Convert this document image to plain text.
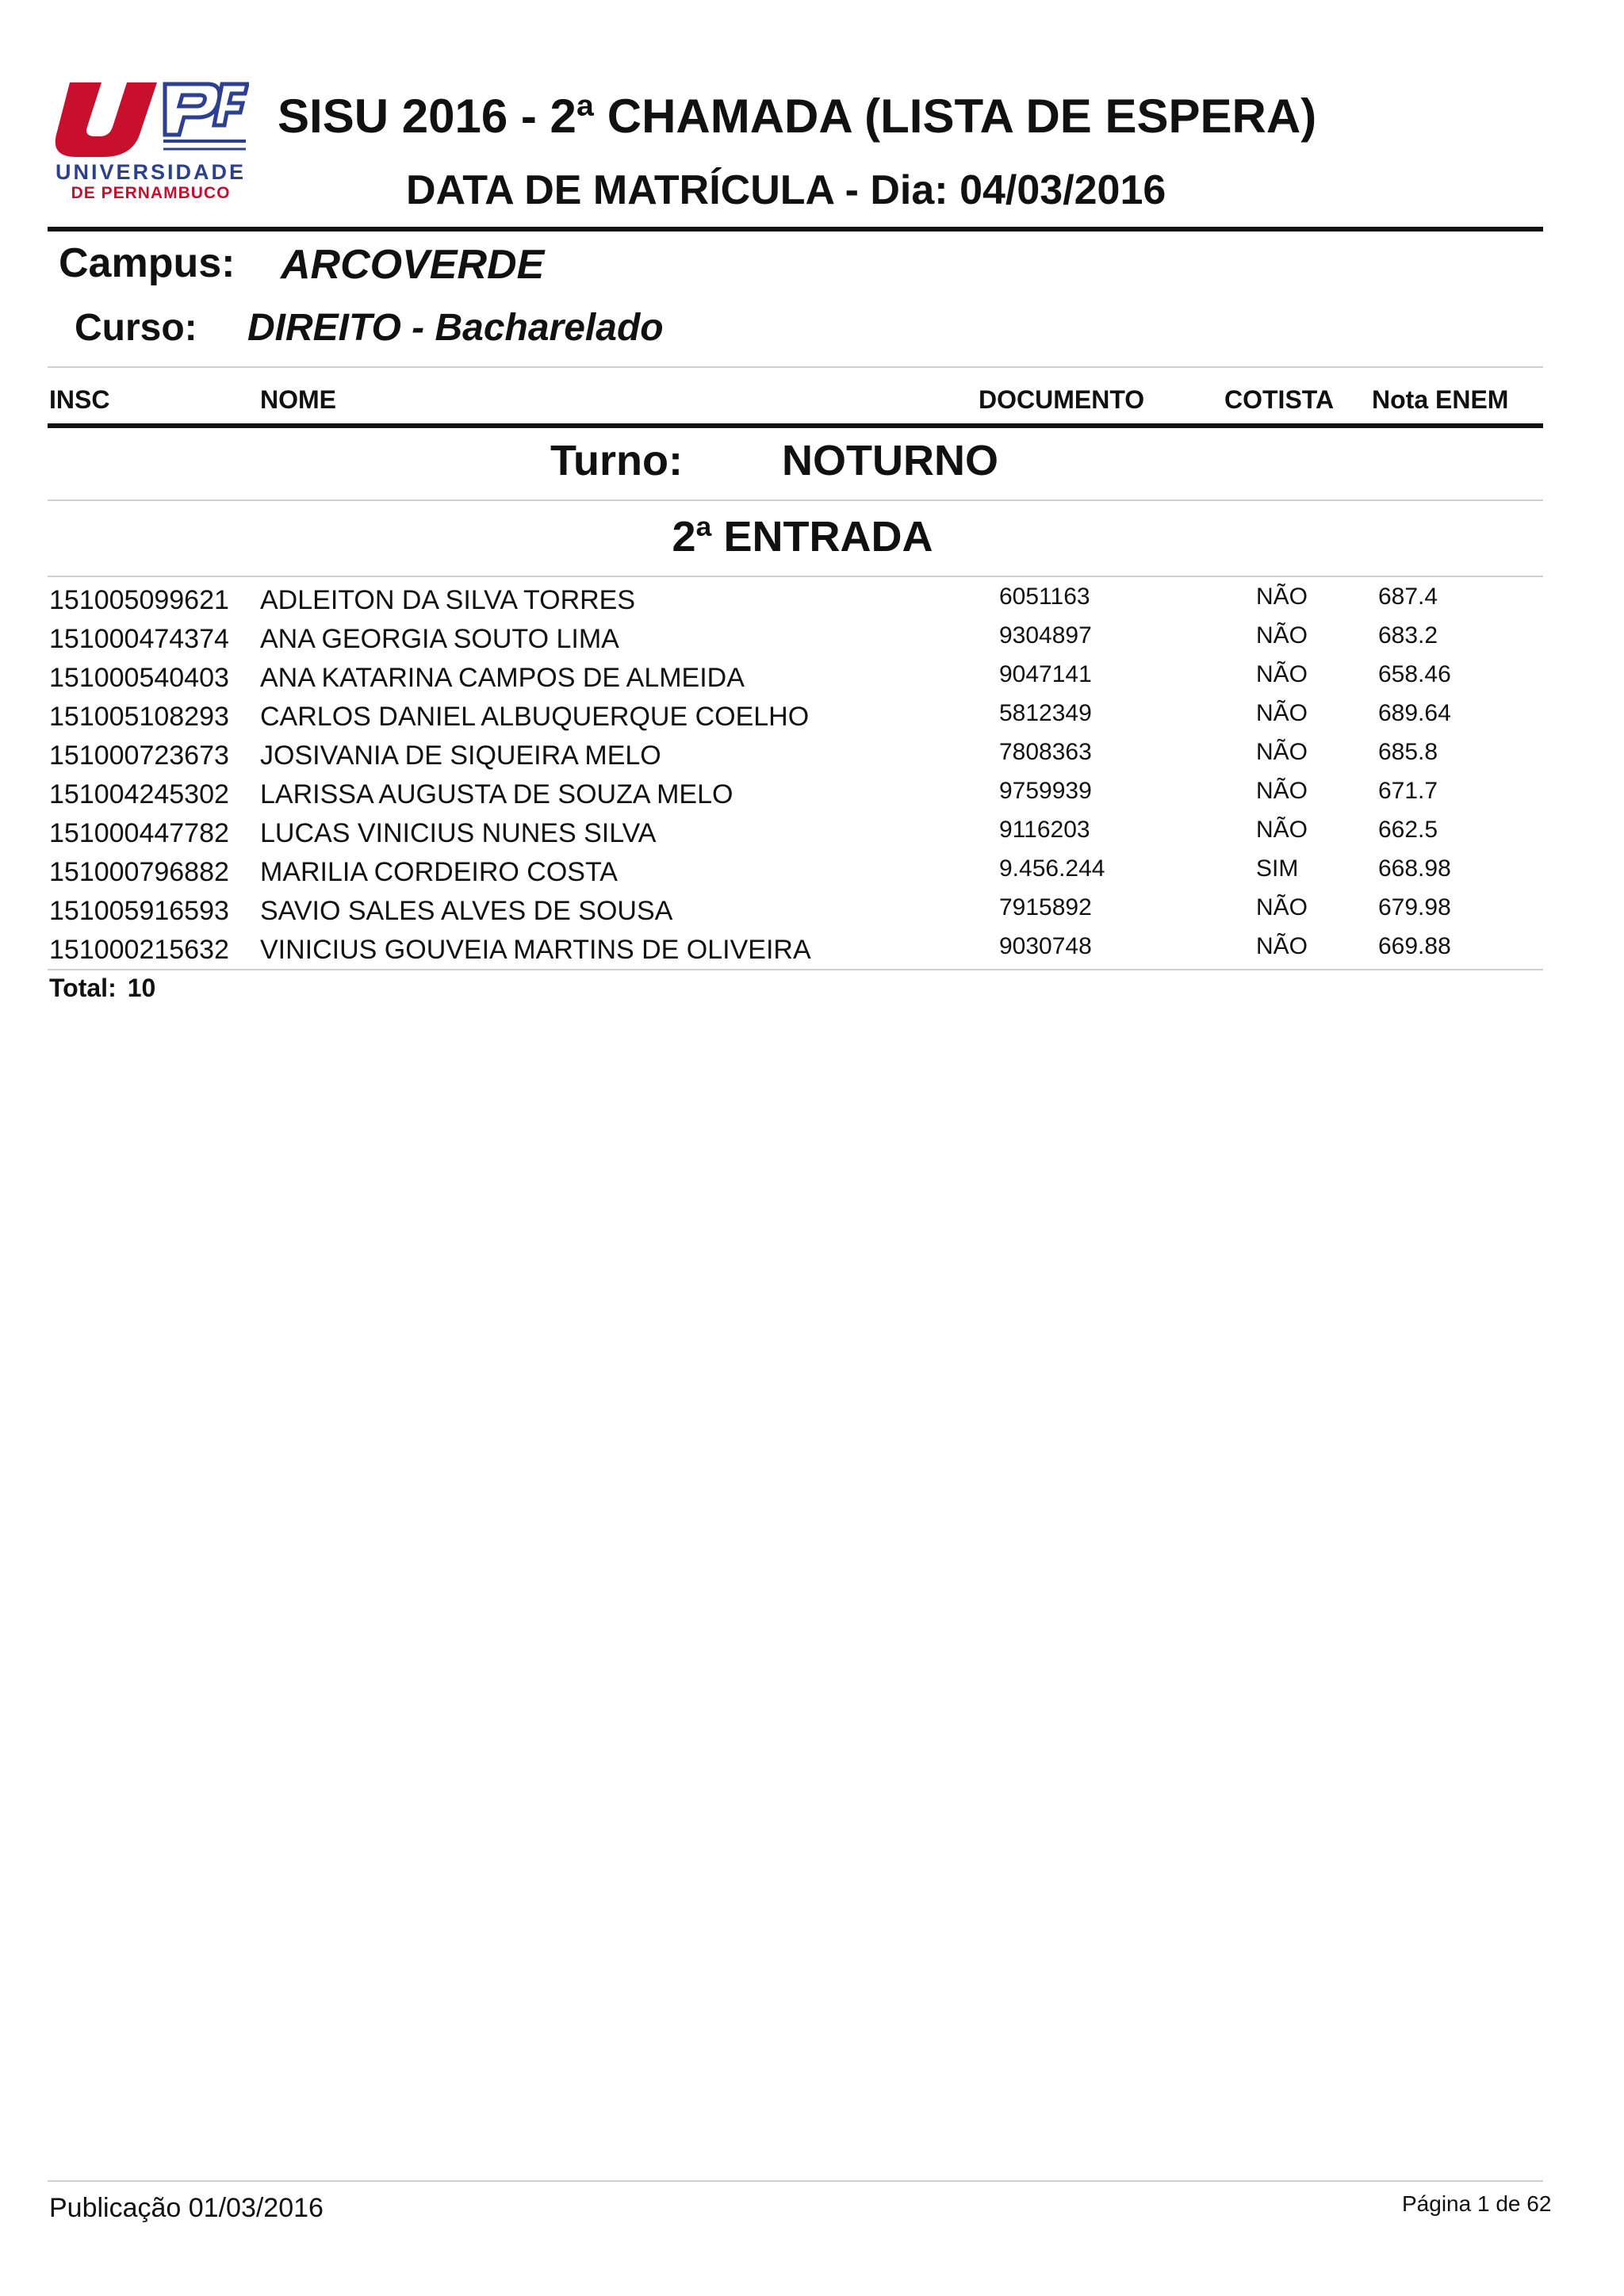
UNIVERSIDADE
DE PERNAMBUCO
SISU 2016 - 2ª CHAMADA (LISTA DE ESPERA)
DATA DE MATRÍCULA - Dia: 04/03/2016
Campus: ARCOVERDE
Curso: DIREITO - Bacharelado
INSC	NOME	DOCUMENTO	COTISTA Nota ENEM
Turno: NOTURNO
2ª ENTRADA
151005099621 ADLEITON DA SILVA TORRES	6051163	NÃO	687.4
151000474374 ANA GEORGIA SOUTO LIMA	9304897	NÃO	683.2
151000540403 ANA KATARINA CAMPOS DE ALMEIDA	9047141	NÃO	658.46
151005108293 CARLOS DANIEL ALBUQUERQUE COELHO	5812349	NÃO	689.64
151000723673 JOSIVANIA DE SIQUEIRA MELO	7808363	NÃO	685.8
151004245302 LARISSA AUGUSTA DE SOUZA MELO	9759939	NÃO	671.7
151000447782 LUCAS VINICIUS NUNES SILVA	9116203	NÃO	662.5
151000796882 MARILIA CORDEIRO COSTA	9.456.244	SIM	668.98
151005916593 SAVIO SALES ALVES DE SOUSA	7915892	NÃO	679.98
151000215632 VINICIUS GOUVEIA MARTINS DE OLIVEIRA	9030748	NÃO	669.88
Total: 10
Publicação 01/03/2016	Página 1 de 62
